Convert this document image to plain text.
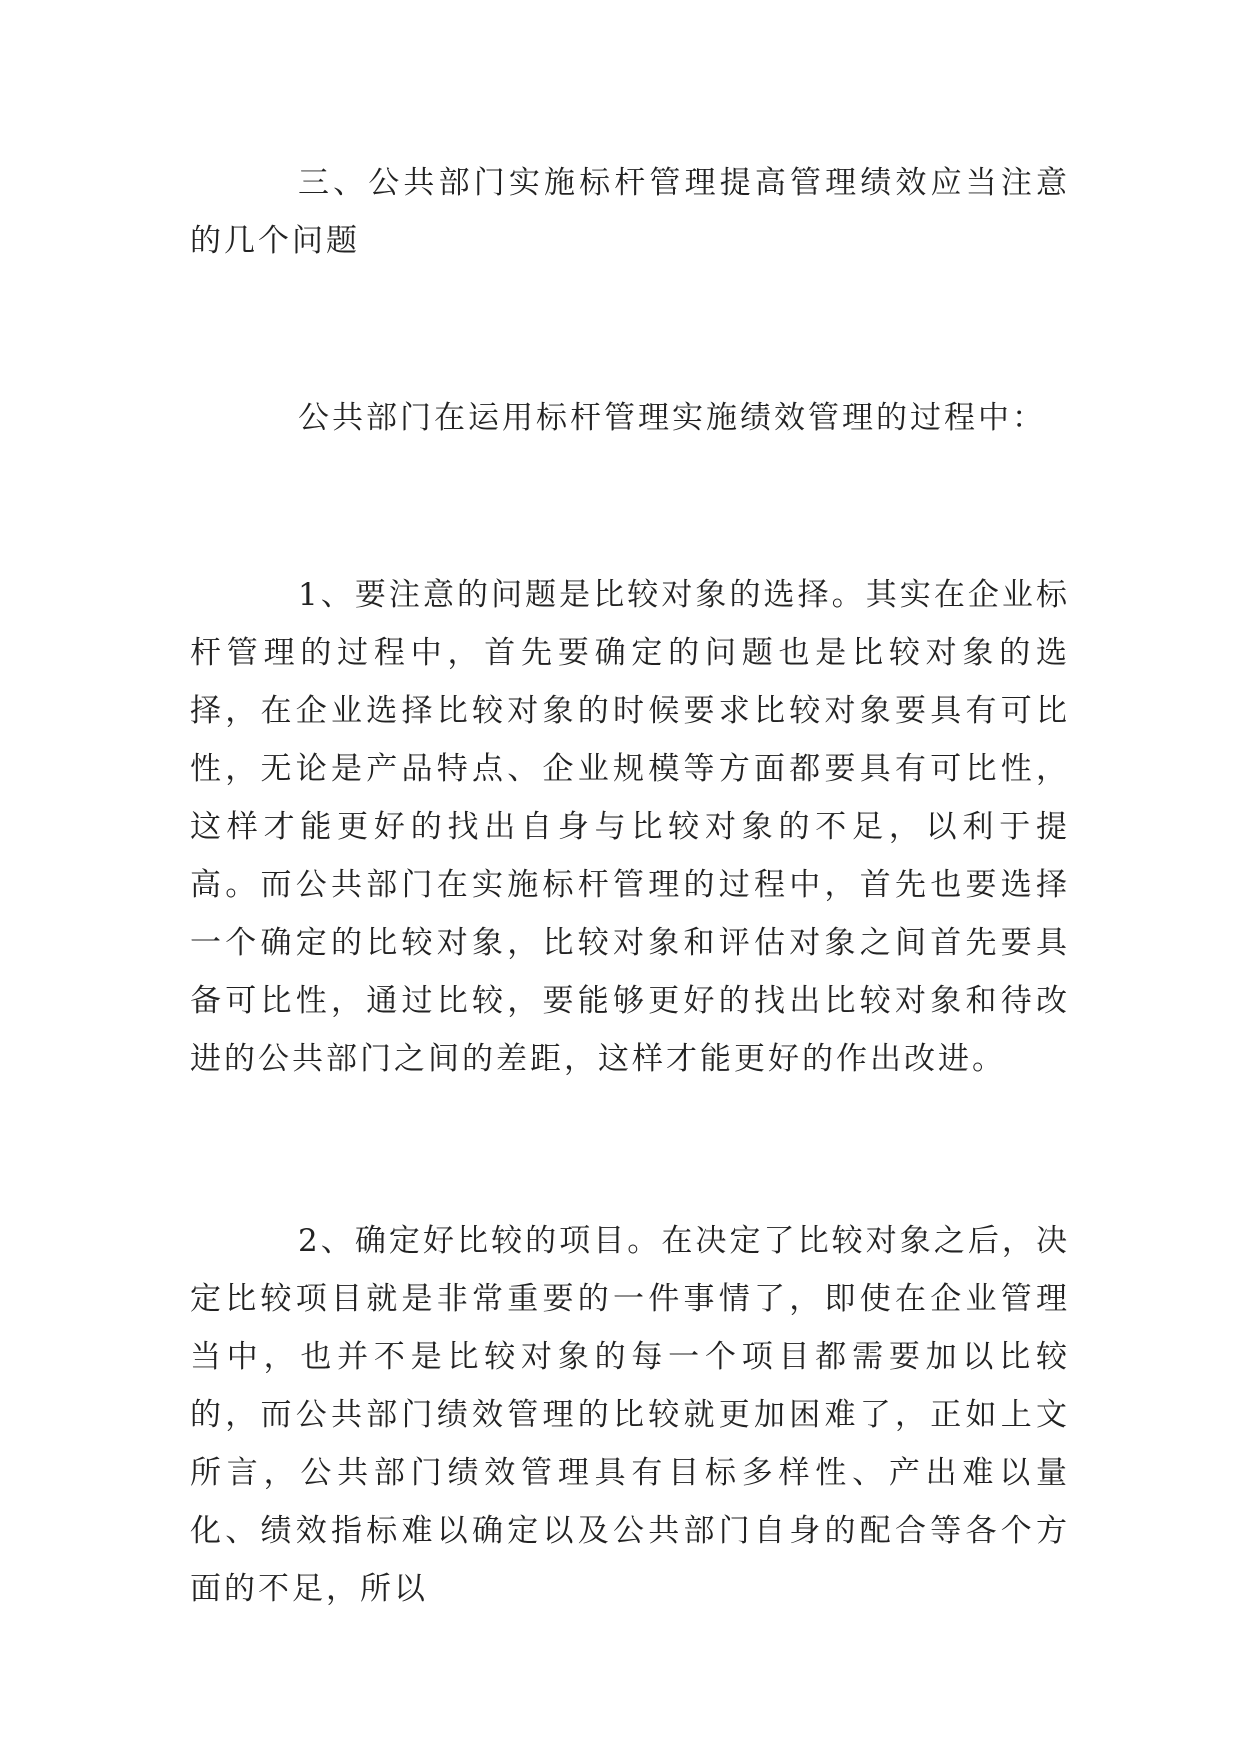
三、公共部门实施标杆管理提高管理绩效应当注意的几个问题

公共部门在运用标杆管理实施绩效管理的过程中：

1、要注意的问题是比较对象的选择。其实在企业标杆管理的过程中，首先要确定的问题也是比较对象的选择，在企业选择比较对象的时候要求比较对象要具有可比性，无论是产品特点、企业规模等方面都要具有可比性，这样才能更好的找出自身与比较对象的不足，以利于提高。而公共部门在实施标杆管理的过程中，首先也要选择一个确定的比较对象，比较对象和评估对象之间首先要具备可比性，通过比较，要能够更好的找出比较对象和待改进的公共部门之间的差距，这样才能更好的作出改进。

2、确定好比较的项目。在决定了比较对象之后，决定比较项目就是非常重要的一件事情了，即使在企业管理当中，也并不是比较对象的每一个项目都需要加以比较的，而公共部门绩效管理的比较就更加困难了，正如上文所言，公共部门绩效管理具有目标多样性、产出难以量化、绩效指标难以确定以及公共部门自身的配合等各个方面的不足，所以
